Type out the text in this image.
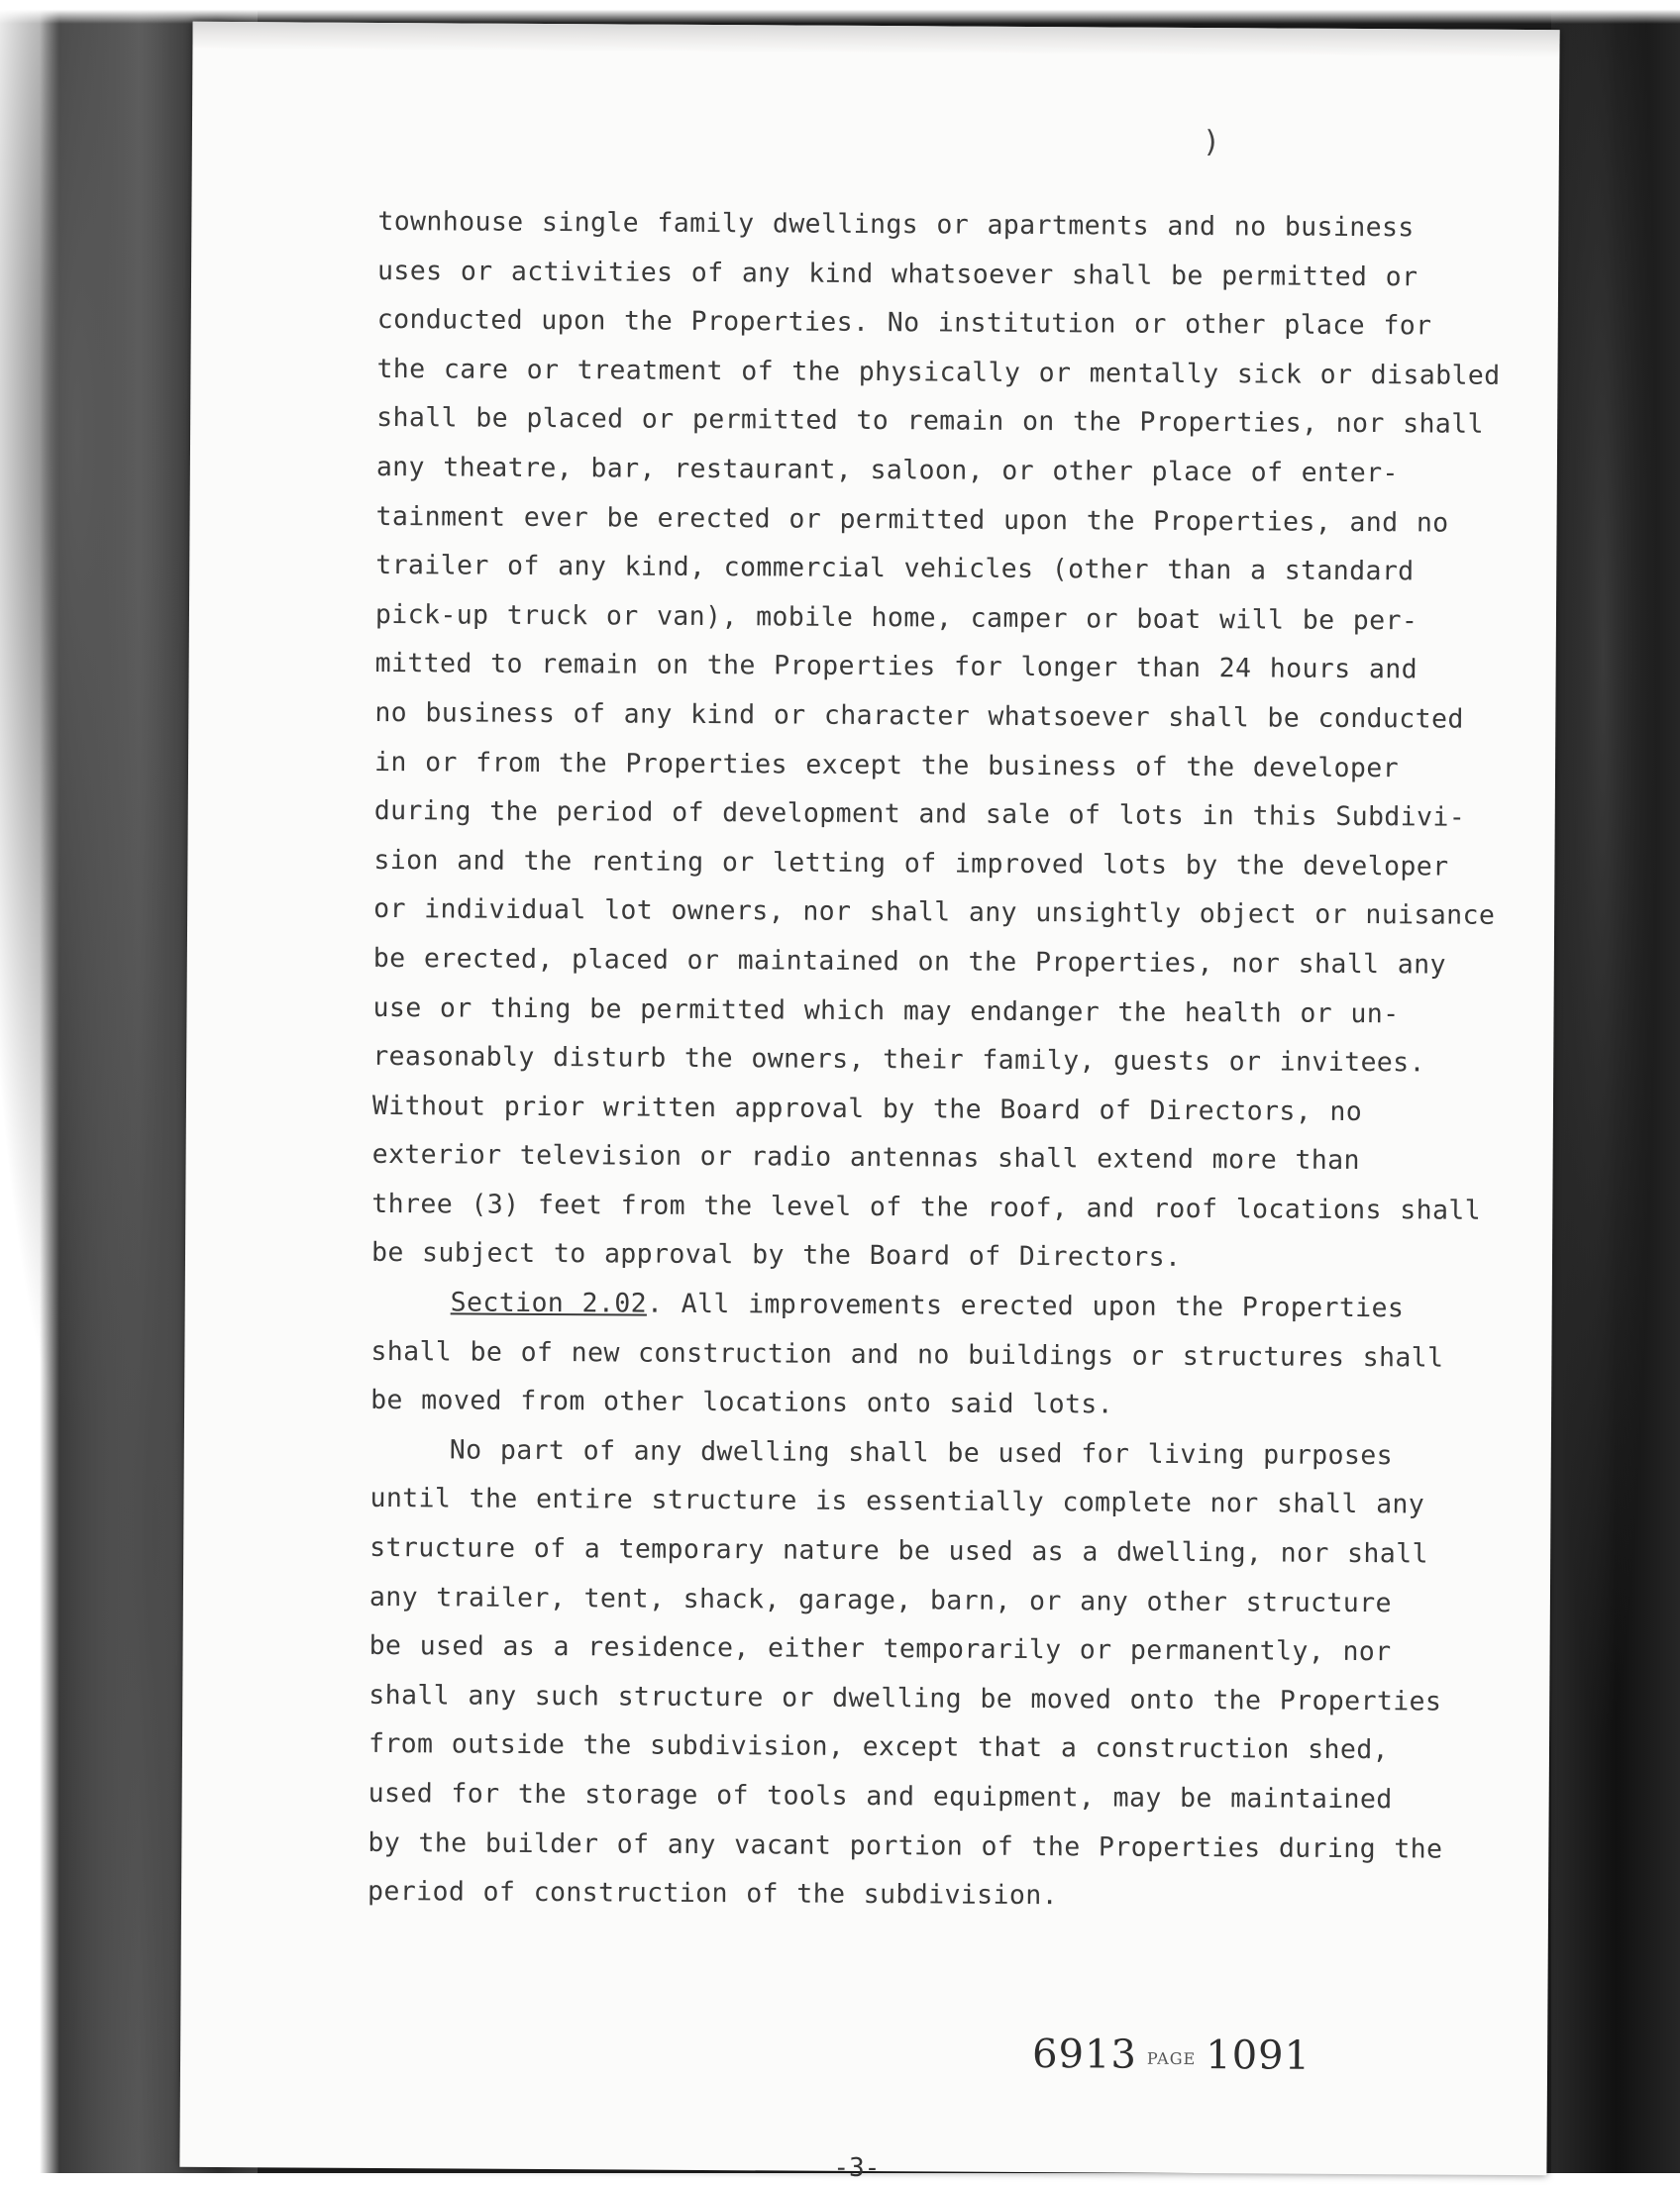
)
townhouse single family dwellings or apartments and no business
uses or activities of any kind whatsoever shall be permitted or
conducted upon the Properties. No institution or other place for
the care or treatment of the physically or mentally sick or disabled
shall be placed or permitted to remain on the Properties, nor shall
any theatre, bar, restaurant, saloon, or other place of enter-
tainment ever be erected or permitted upon the Properties, and no
trailer of any kind, commercial vehicles (other than a standard
pick-up truck or van), mobile home, camper or boat will be per-
mitted to remain on the Properties for longer than 24 hours and
no business of any kind or character whatsoever shall be conducted
in or from the Properties except the business of the developer
during the period of development and sale of lots in this Subdivi-
sion and the renting or letting of improved lots by the developer
or individual lot owners, nor shall any unsightly object or nuisance
be erected, placed or maintained on the Properties, nor shall any
use or thing be permitted which may endanger the health or un-
reasonably disturb the owners, their family, guests or invitees.
Without prior written approval by the Board of Directors, no
exterior television or radio antennas shall extend more than
three (3) feet from the level of the roof, and roof locations shall
be subject to approval by the Board of Directors.
Section 2.02. All improvements erected upon the Properties
shall be of new construction and no buildings or structures shall
be moved from other locations onto said lots.
No part of any dwelling shall be used for living purposes
until the entire structure is essentially complete nor shall any
structure of a temporary nature be used as a dwelling, nor shall
any trailer, tent, shack, garage, barn, or any other structure
be used as a residence, either temporarily or permanently, nor
shall any such structure or dwelling be moved onto the Properties
from outside the subdivision, except that a construction shed,
used for the storage of tools and equipment, may be maintained
by the builder of any vacant portion of the Properties during the
period of construction of the subdivision.
6913 PAGE 1091
-3-
